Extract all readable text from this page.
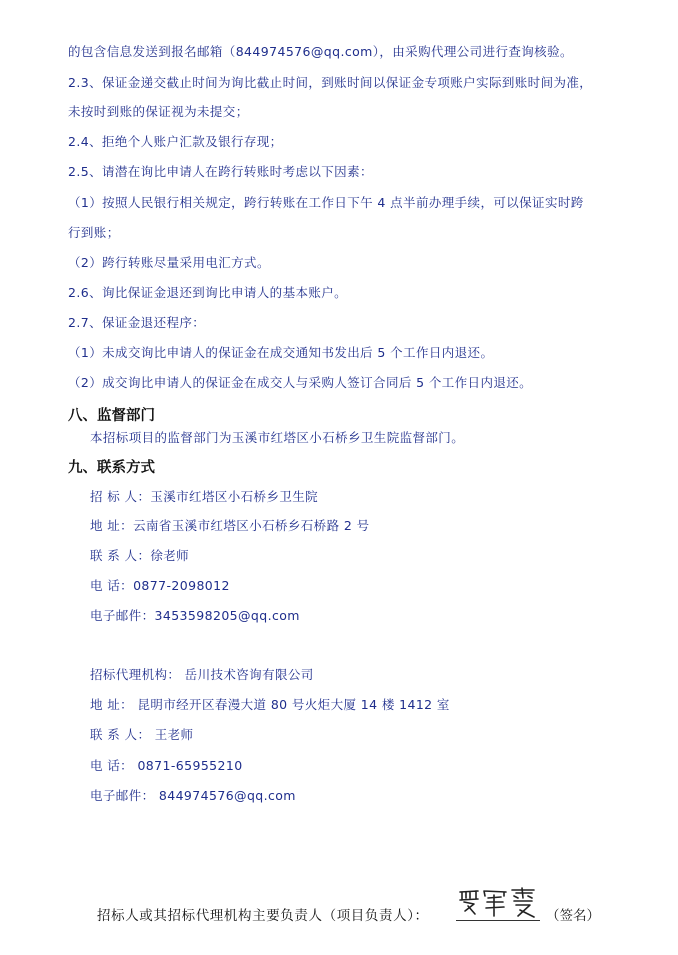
的包含信息发送到报名邮箱（844974576@qq.com），由采购代理公司进行查询核验。
2.3、保证金递交截止时间为询比截止时间，到账时间以保证金专项账户实际到账时间为准，
未按时到账的保证视为未提交；
2.4、拒绝个人账户汇款及银行存现；
2.5、请潜在询比申请人在跨行转账时考虑以下因素：
（1）按照人民银行相关规定，跨行转账在工作日下午 4 点半前办理手续，可以保证实时跨
行到账；
（2）跨行转账尽量采用电汇方式。
2.6、询比保证金退还到询比申请人的基本账户。
2.7、保证金退还程序：
（1）未成交询比申请人的保证金在成交通知书发出后 5 个工作日内退还。
（2）成交询比申请人的保证金在成交人与采购人签订合同后 5 个工作日内退还。
八、监督部门
本招标项目的监督部门为玉溪市红塔区小石桥乡卫生院监督部门。
九、联系方式
招 标 人：玉溪市红塔区小石桥乡卫生院
地 址：云南省玉溪市红塔区小石桥乡石桥路 2 号
联 系 人：徐老师
电 话：0877-2098012
电子邮件：3453598205@qq.com
招标代理机构： 岳川技术咨询有限公司
地 址： 昆明市经开区春漫大道 80 号火炬大厦 14 楼 1412 室
联 系 人： 王老师
电 话： 0871-65955210
电子邮件： 844974576@qq.com
招标人或其招标代理机构主要负责人（项目负责人）：	（签名）
